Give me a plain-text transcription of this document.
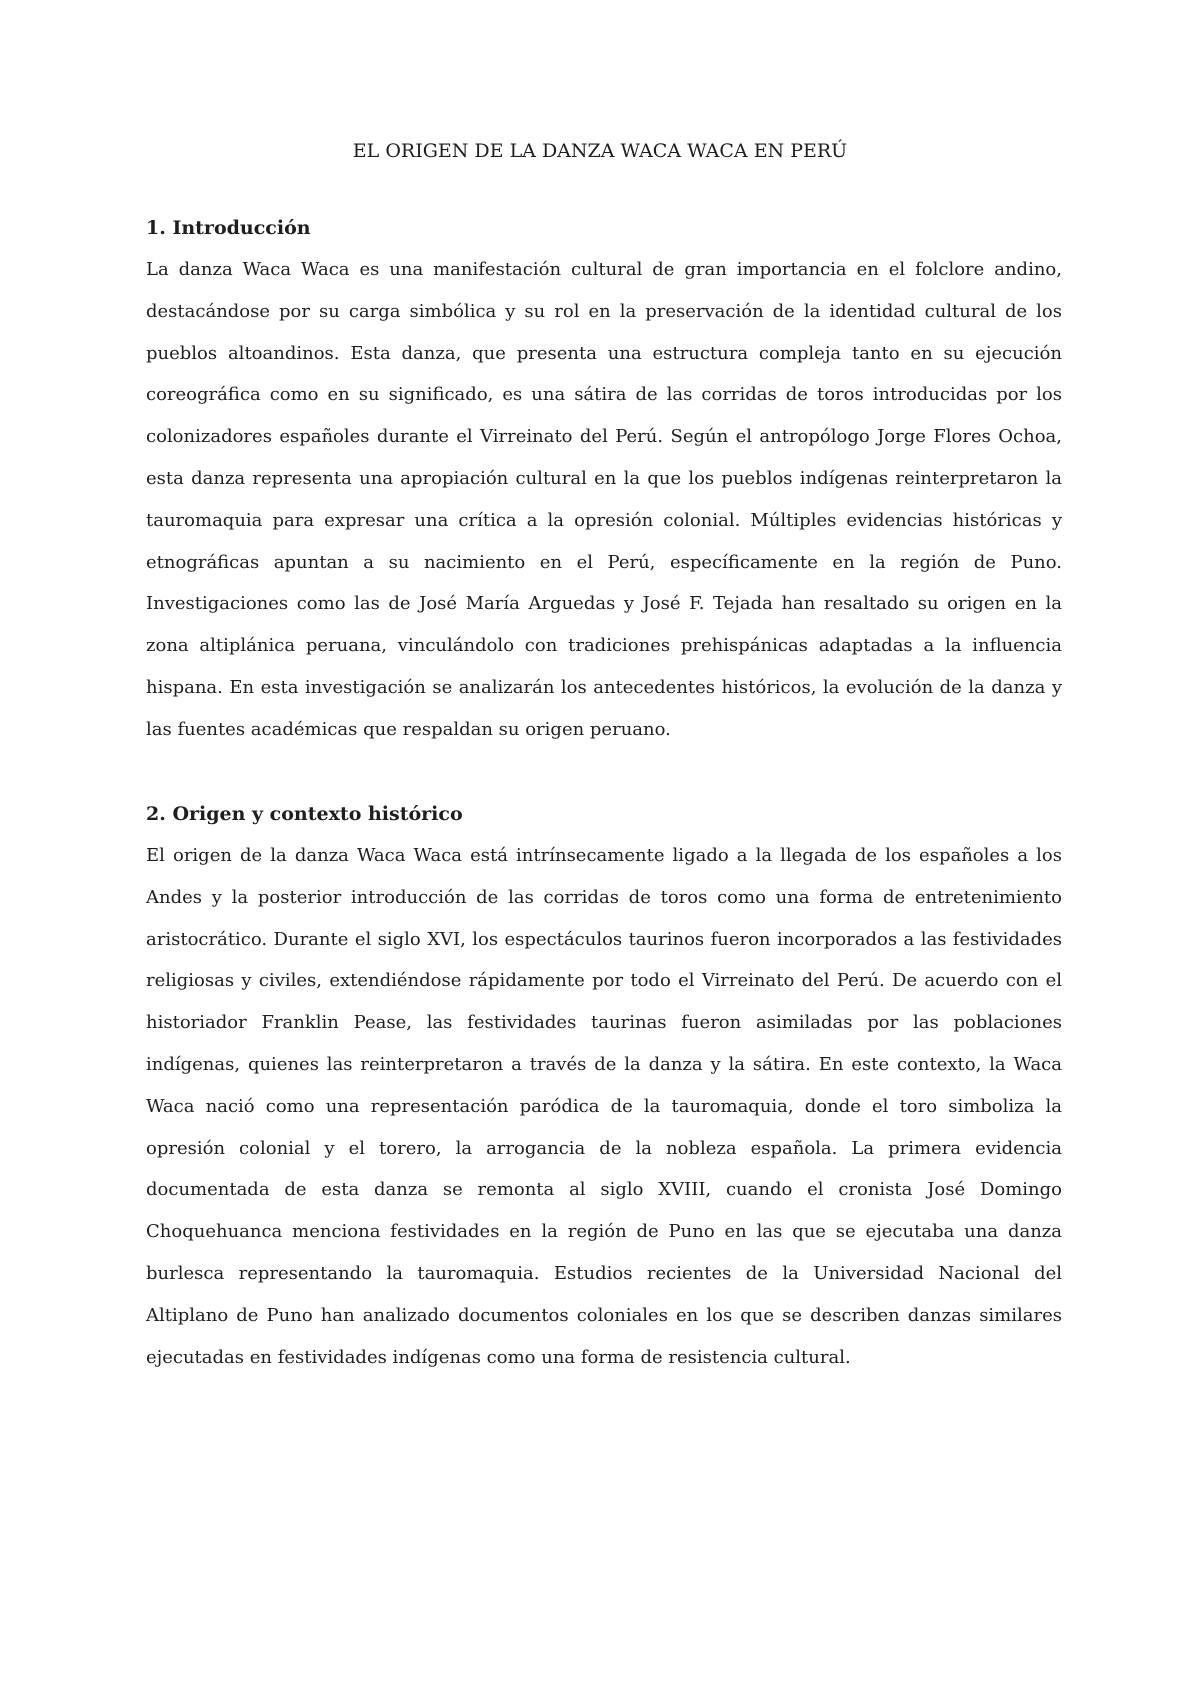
EL ORIGEN DE LA DANZA WACA WACA EN PERÚ
1. Introducción

La danza Waca Waca es una manifestación cultural de gran importancia en el folclore andino, destacándose por su carga simbólica y su rol en la preservación de la identidad cultural de los pueblos altoandinos. Esta danza, que presenta una estructura compleja tanto en su ejecución coreográfica como en su significado, es una sátira de las corridas de toros introducidas por los colonizadores españoles durante el Virreinato del Perú. Según el antropólogo Jorge Flores Ochoa, esta danza representa una apropiación cultural en la que los pueblos indígenas reinterpretaron la tauromaquia para expresar una crítica a la opresión colonial. Múltiples evidencias históricas y etnográficas apuntan a su nacimiento en el Perú, específicamente en la región de Puno. Investigaciones como las de José María Arguedas y José F. Tejada han resaltado su origen en la zona altiplánica peruana, vinculándolo con tradiciones prehispánicas adaptadas a la influencia hispana. En esta investigación se analizarán los antecedentes históricos, la evolución de la danza y las fuentes académicas que respaldan su origen peruano.

2. Origen y contexto histórico

El origen de la danza Waca Waca está intrínsecamente ligado a la llegada de los españoles a los Andes y la posterior introducción de las corridas de toros como una forma de entretenimiento aristocrático. Durante el siglo XVI, los espectáculos taurinos fueron incorporados a las festividades religiosas y civiles, extendiéndose rápidamente por todo el Virreinato del Perú. De acuerdo con el historiador Franklin Pease, las festividades taurinas fueron asimiladas por las poblaciones indígenas, quienes las reinterpretaron a través de la danza y la sátira. En este contexto, la Waca Waca nació como una representación paródica de la tauromaquia, donde el toro simboliza la opresión colonial y el torero, la arrogancia de la nobleza española. La primera evidencia documentada de esta danza se remonta al siglo XVIII, cuando el cronista José Domingo Choquehuanca menciona festividades en la región de Puno en las que se ejecutaba una danza burlesca representando la tauromaquia. Estudios recientes de la Universidad Nacional del Altiplano de Puno han analizado documentos coloniales en los que se describen danzas similares ejecutadas en festividades indígenas como una forma de resistencia cultural.
